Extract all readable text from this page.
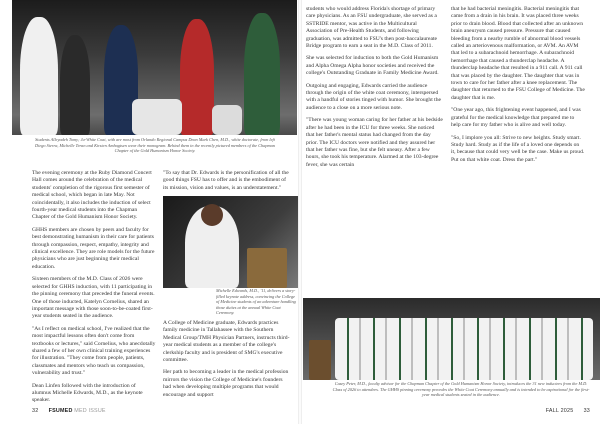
Students Alleyadeh Tomy; Ju-White Coat, with are most from Orlando Regional Campus Dean Mark Chen, M.D., white doctorate, from left Diego Sierra, Michelle Teran and Kirsten Ambagtsen wear their monogram. Behind them in the recently pictured members of the Chapman Chapter of the Gold Humanism Honor Society.

The evening ceremony at the Ruby Diamond Concert Hall comes around the celebration of the medical students' completion of the rigorous first semester of medical school, which began in late May. Not coincidentally, it also includes the induction of select fourth-year medical students into the Chapman Chapter of the Gold Humanism Honor Society.

GHHS members are chosen by peers and faculty for best demonstrating humanism in their care for patients through compassion, respect, empathy, integrity and clinical excellence. They are role models for the future physicians who are just beginning their medical education.

Sixteen members of the M.D. Class of 2026 were selected for GHHS induction, with 11 participating in the pinning ceremony that preceded the funeral events. One of those inducted, Katelyn Cornelius, shared an important message with those soon-to-be-coated first-year students seated in the audience.

"As I reflect on medical school, I've realized that the most impactful lessons often don't come from textbooks or lectures," said Cornelius, who anecdotally shared a few of her own clinical training experiences for illustration. "They come from people, patients, classmates and mentors who teach us compassion, vulnerability and trust."

Dean Linfen followed with the introduction of alumnus Michelle Edwards, M.D., as the keynote speaker.

"To say that Dr. Edwards is the personification of all the good things FSU has to offer and is the embodiment of its mission, vision and values, is an understatement."

Michelle Edwards, M.D., '11, delivers a story-filled keynote address, convincing the College of Medicine students of an adventure handling those duties at the annual White Coat Ceremony.

A College of Medicine graduate, Edwards practices family medicine in Tallahassee with the Southern Medical Group/TMH Physician Partners, instructs third-year medical students as a member of the college's clerkship faculty and is president of SMG's executive committee.

Her path to becoming a leader in the medical profession mirrors the vision the College of Medicine's founders had when developing multiple programs that would encourage and support

32 FSUMED MED ISSUE

students who would address Florida's shortage of primary care physicians. As an FSU undergraduate, she served as a SSTRIDE mentor, was active in the Multicultural Association of Pre-Health Students, and following graduation, was admitted to FSU's then post-baccalaureate Bridge program to earn a seat in the M.D. Class of 2011.

She was selected for induction to both the Gold Humanism and Alpha Omega Alpha honor societies and received the college's Outstanding Graduate in Family Medicine Award.

Outgoing and engaging, Edwards carried the audience through the origin of the white coat ceremony, interspersed with a handful of stories tinged with humor. She brought the audience to a close on a more serious note.

"There was young woman caring for her father at his bedside after he had been in the ICU for three weeks. She noticed that her father's mental status had changed from the day prior. The ICU doctors were notified and they assured her that her father was fine, but she felt uneasy. After a few hours, she took his temperature. Alarmed at the 103-degree fever, she was certain

that he had bacterial meningitis. Bacterial meningitis that came from a drain in his brain. It was placed three weeks prior to drain blood. Blood that collected after an unknown brain aneurysm caused pressure. Pressure that caused bleeding from a nearby rumble of abnormal blood vessels called an arteriovenous malformation, or AVM. An AVM that led to a subarachnoid hemorrhage. A subarachnoid hemorrhage that caused a thunderclap headache. A thunderclap headache that resulted in a 911 call. A 911 call that was placed by the daughter. The daughter that was in town to care for her father after a knee replacement. The daughter that returned to the FSU College of Medicine. The daughter that is me.

"One year ago, this frightening event happened, and I was grateful for the medical knowledge that prepared me to help care for my father who is alive and well today.

"So, I implore you all: Strive to new heights. Study smart. Study hard. Study as if the life of a loved one depends on it, because that could very well be the case. Make us proud. Put on that white coat. Dress the part."

Casey Peter, M.D., faculty advisor for the Chapman Chapter of the Gold Humanism Honor Society, introduces the 31 new inductees from the M.D. Class of 2026 to attendees. The GHHS pinning ceremony precedes the White Coat Ceremony annually and is intended to be aspirational for the first-year medical students seated in the audience.
FALL 2025 33
